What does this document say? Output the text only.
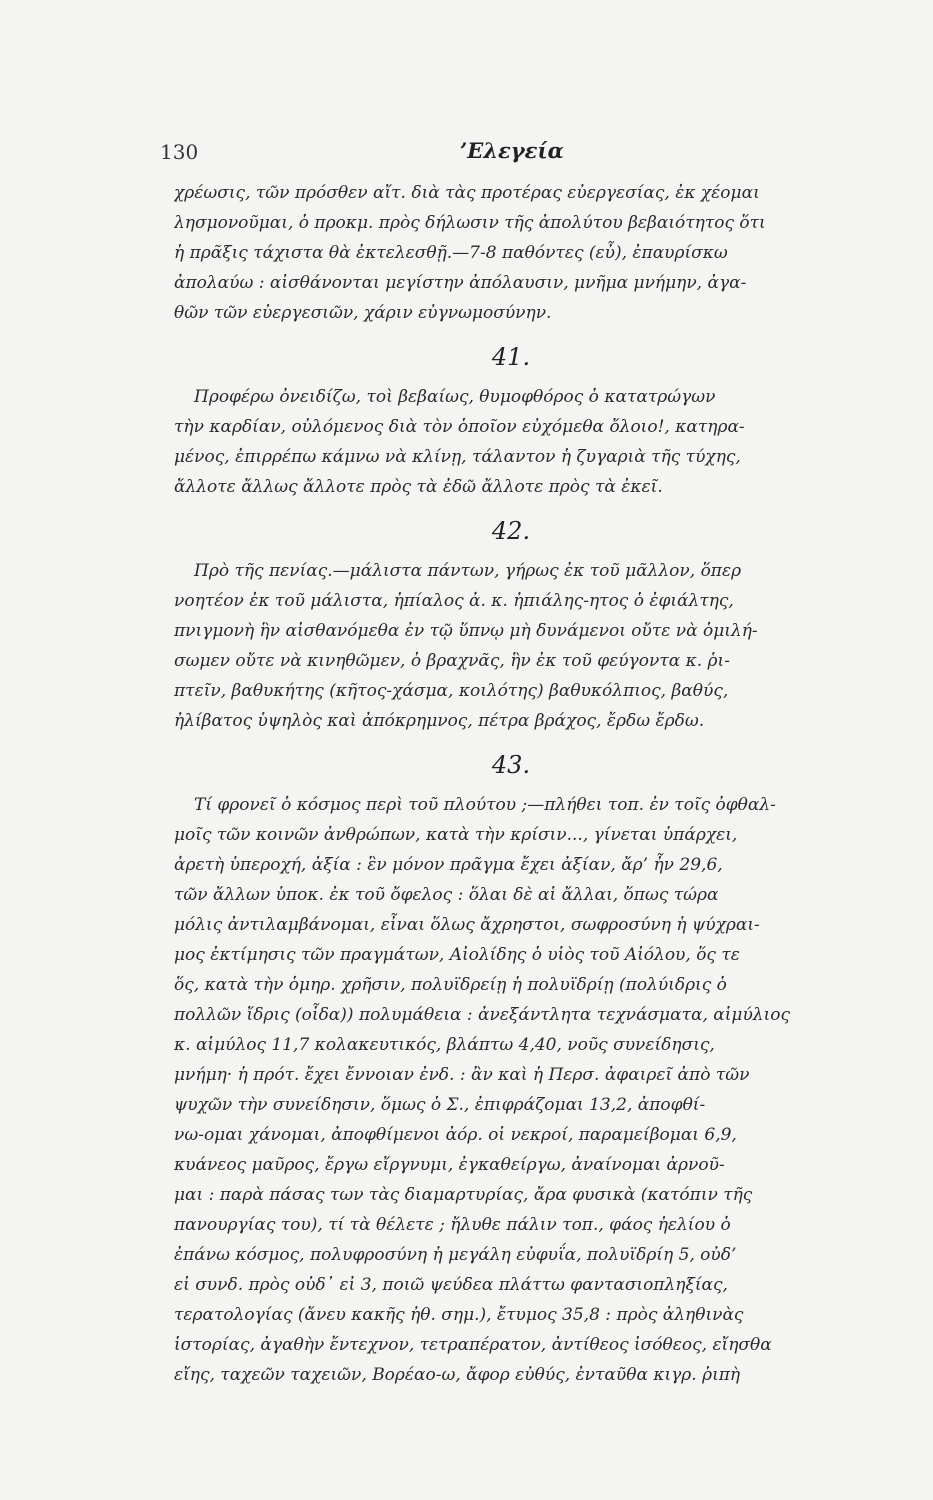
130	’Ελεγεία
χρέωσις, τῶν πρόσθεν αἴτ. διὰ τὰς προτέρας εὐεργεσίας, ἐκ χέομαι
λησμονοῦμαι, ὁ προκμ. πρὸς δήλωσιν τῆς ἀπολύτου βεβαιότητος ὅτι
ἡ πρᾶξις τάχιστα θὰ ἐκτελεσθῇ.—7-8 παθόντες (εὖ), ἐπαυρίσκω
ἀπολαύω : αἰσθάνονται μεγίστην ἀπόλαυσιν, μνῆμα μνήμην, ἀγα-
θῶν τῶν εὐεργεσιῶν, χάριν εὐγνωμοσύνην.
41.
Προφέρω ὀνειδίζω, τοὶ βεβαίως, θυμοφθόρος ὁ κατατρώγων
τὴν καρδίαν, οὐλόμενος διὰ τὸν ὁποῖον εὐχόμεθα ὄλοιο!, κατηρα-
μένος, ἐπιρρέπω κάμνω νὰ κλίνῃ, τάλαντον ἡ ζυγαριὰ τῆς τύχης,
ἄλλοτε ἄλλως ἄλλοτε πρὸς τὰ ἐδῶ ἄλλοτε πρὸς τὰ ἐκεῖ.
42.
Πρὸ τῆς πενίας.—μάλιστα πάντων, γήρως ἐκ τοῦ μᾶλλον, ὅπερ
νοητέον ἐκ τοῦ μάλιστα, ἠπίαλος ἀ. κ. ἠπιάλης-ητος ὁ ἐφιάλτης,
πνιγμονὴ ἣν αἰσθανόμεθα ἐν τῷ ὕπνῳ μὴ δυνάμενοι οὔτε νὰ ὁμιλή-
σωμεν οὔτε νὰ κινηθῶμεν, ὁ βραχνᾶς, ἣν ἐκ τοῦ φεύγοντα κ. ῥι-
πτεῖν, βαθυκήτης (κῆτος-χάσμα, κοιλότης) βαθυκόλπιος, βαθύς,
ἠλίβατος ὑψηλὸς καὶ ἀπόκρημνος, πέτρα βράχος, ἔρδω ἔρδω.
43.
Τί φρονεῖ ὁ κόσμος περὶ τοῦ πλούτου ;—πλήθει τοπ. ἐν τοῖς ὀφθαλ-
μοῖς τῶν κοινῶν ἀνθρώπων, κατὰ τὴν κρίσιν..., γίνεται ὑπάρχει,
ἀρετὴ ὑπεροχή, ἀξία : ἓν μόνον πρᾶγμα ἔχει ἀξίαν, ἄρ’ ἦν 29,6,
τῶν ἄλλων ὑποκ. ἐκ τοῦ ὄφελος : ὅλαι δὲ αἱ ἄλλαι, ὅπως τώρα
μόλις ἀντιλαμβάνομαι, εἶναι ὅλως ἄχρηστοι, σωφροσύνη ἡ ψύχραι-
μος ἐκτίμησις τῶν πραγμάτων, Αἰολίδης ὁ υἱὸς τοῦ Αἰόλου, ὅς τε
ὅς, κατὰ τὴν ὁμηρ. χρῆσιν, πολυϊδρείῃ ἡ πολυϊδρίῃ (πολύιδρις ὁ
πολλῶν ἴδρις (οἶδα)) πολυμάθεια : ἀνεξάντλητα τεχνάσματα, αἱμύλιος
κ. αἱμύλος 11,7 κολακευτικός, βλάπτω 4,40, νοῦς συνείδησις,
μνήμη· ἡ πρότ. ἔχει ἔννοιαν ἐνδ. : ἂν καὶ ἡ Περσ. ἀφαιρεῖ ἀπὸ τῶν
ψυχῶν τὴν συνείδησιν, ὅμως ὁ Σ., ἐπιφράζομαι 13,2, ἀποφθί-
νω-ομαι χάνομαι, ἀποφθίμενοι ἀόρ. οἱ νεκροί, παραμείβομαι 6,9,
κυάνεος μαῦρος, ἔργω εἴργνυμι, ἐγκαθείργω, ἀναίνομαι ἀρνοῦ-
μαι : παρὰ πάσας των τὰς διαμαρτυρίας, ἄρα φυσικὰ (κατόπιν τῆς
πανουργίας του), τί τὰ θέλετε ; ἤλυθε πάλιν τοπ., φάος ἠελίου ὁ
ἐπάνω κόσμος, πολυφροσύνη ἡ μεγάλη εὐφυΐα, πολυϊδρίη 5, οὐδ’
εἰ συνδ. πρὸς οὐδ᾽ εἰ 3, ποιῶ ψεύδεα πλάττω φαντασιοπληξίας,
τερατολογίας (ἄνευ κακῆς ἠθ. σημ.), ἔτυμος 35,8 : πρὸς ἀληθινὰς
ἱστορίας, ἀγαθὴν ἔντεχνον, τετραπέρατον, ἀντίθεος ἰσόθεος, εἴησθα
εἴης, ταχεῶν ταχειῶν, Βορέαο-ω, ἄφορ εὐθύς, ἐνταῦθα κιγρ. ῥιπὴ
